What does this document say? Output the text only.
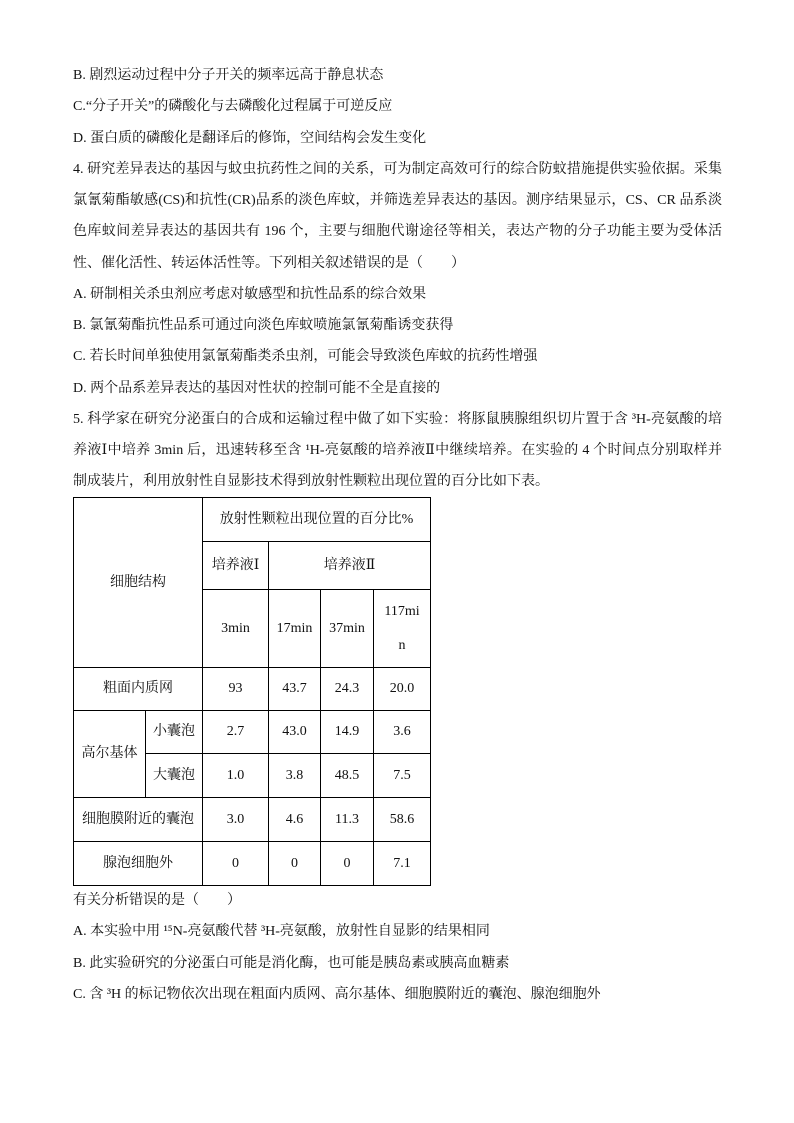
B. 剧烈运动过程中分子开关的频率远高于静息状态
C.“分子开关”的磷酸化与去磷酸化过程属于可逆反应
D. 蛋白质的磷酸化是翻译后的修饰，空间结构会发生变化
4. 研究差异表达的基因与蚊虫抗药性之间的关系，可为制定高效可行的综合防蚊措施提供实验依据。采集
氯氰菊酯敏感(CS)和抗性(CR)品系的淡色库蚊，并筛选差异表达的基因。测序结果显示，CS、CR 品系淡
色库蚊间差异表达的基因共有 196 个，主要与细胞代谢途径等相关，表达产物的分子功能主要为受体活
性、催化活性、转运体活性等。下列相关叙述错误的是（　　）
A. 研制相关杀虫剂应考虑对敏感型和抗性品系的综合效果
B. 氯氰菊酯抗性品系可通过向淡色库蚊喷施氯氰菊酯诱变获得
C. 若长时间单独使用氯氰菊酯类杀虫剂，可能会导致淡色库蚊的抗药性增强
D. 两个品系差异表达的基因对性状的控制可能不全是直接的
5. 科学家在研究分泌蛋白的合成和运输过程中做了如下实验：将豚鼠胰腺组织切片置于含 ³H-亮氨酸的培
养液Ⅰ中培养 3min 后，迅速转移至含 ¹H-亮氨酸的培养液Ⅱ中继续培养。在实验的 4 个时间点分别取样并
制成装片，利用放射性自显影技术得到放射性颗粒出现位置的百分比如下表。
细胞结构		放射性颗粒出现位置的百分比%			
		培养液Ⅰ	培养液Ⅱ		
		3min	17min	37min	117min
粗面内质网		93	43.7	24.3	20.0
高尔基体	小囊泡	2.7	43.0	14.9	3.6
	大囊泡	1.0	3.8	48.5	7.5
细胞膜附近的囊泡		3.0	4.6	11.3	58.6
腺泡细胞外		0	0	0	7.1
有关分析错误的是（　　）
A. 本实验中用 ¹⁵N-亮氨酸代替 ³H-亮氨酸，放射性自显影的结果相同
B. 此实验研究的分泌蛋白可能是消化酶，也可能是胰岛素或胰高血糖素
C. 含 ³H 的标记物依次出现在粗面内质网、高尔基体、细胞膜附近的囊泡、腺泡细胞外
